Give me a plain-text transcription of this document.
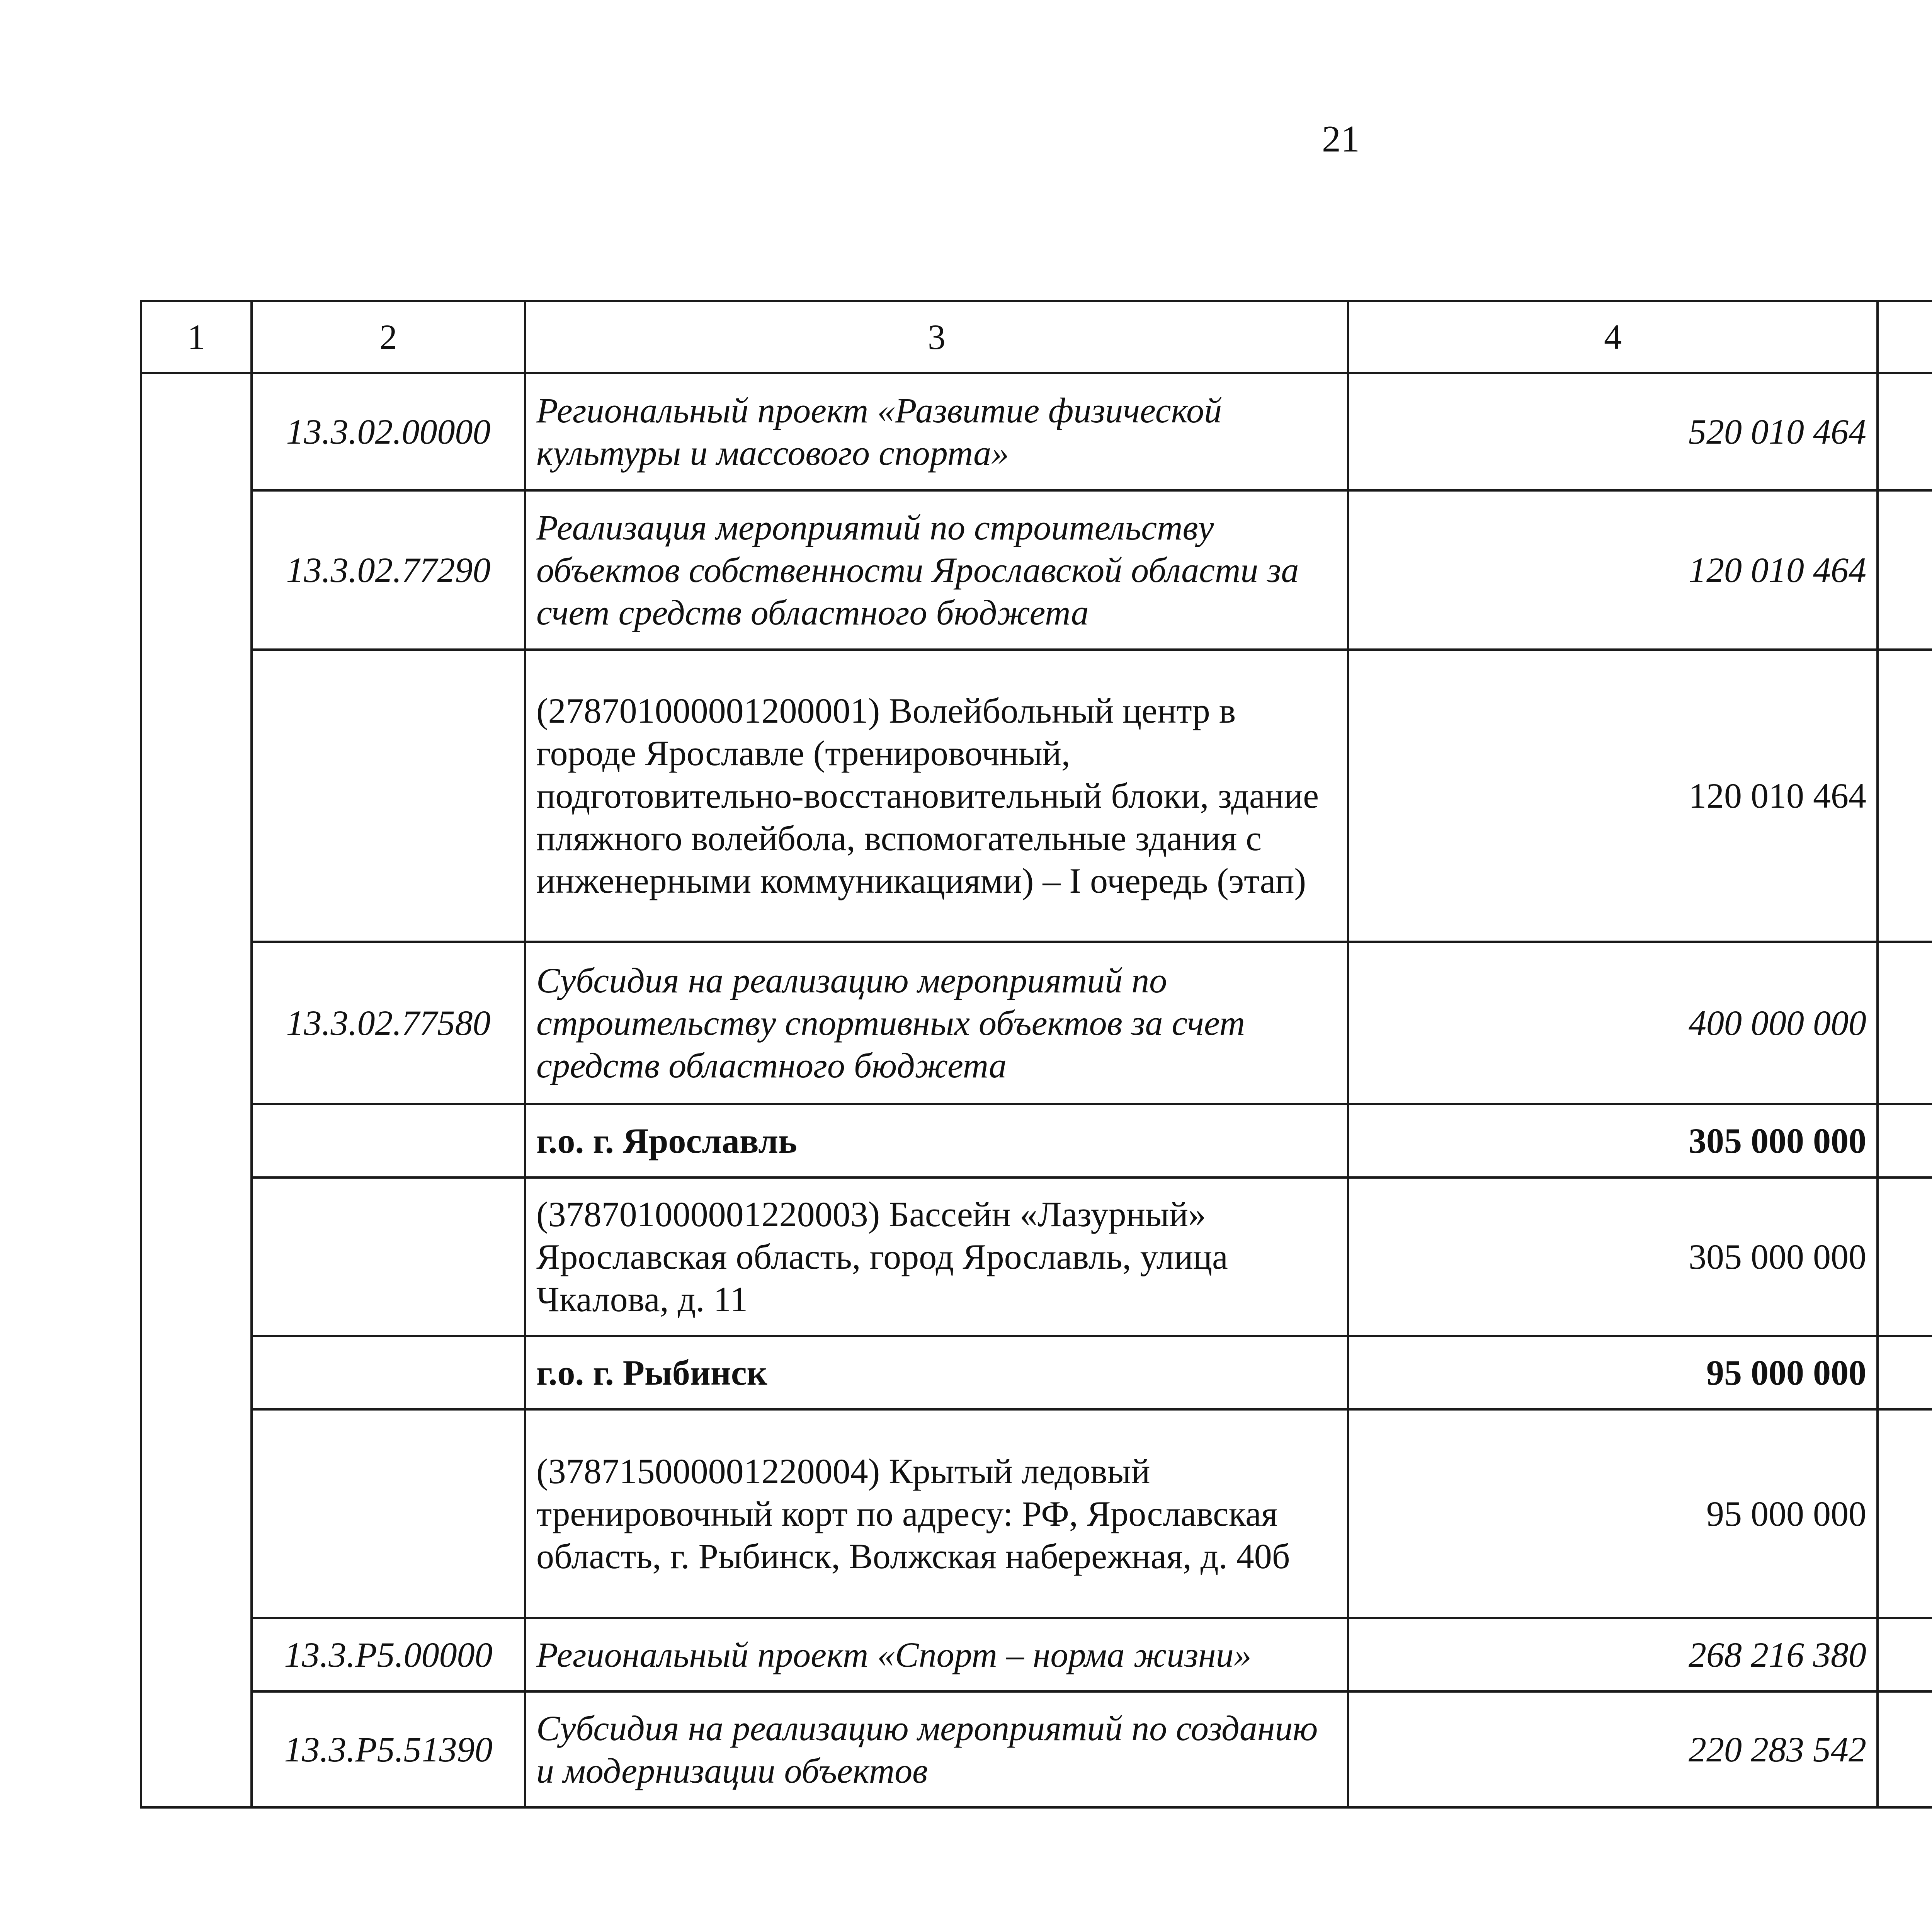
21
1	2	3	4			
	13.3.02.00000	Региональный проект «Развитие физической культуры и массового спорта»	520 010 464			
	13.3.02.77290	Реализация мероприятий по строительству объектов собственности Ярославской области за счет средств областного бюджета	120 010 464			
		(278701000001200001) Волейбольный центр в городе Ярославле (тренировочный, подготовительно-восстановительный блоки, здание пляжного волейбола, вспомогательные здания с инженерными коммуникациями) – I очередь (этап)	120 010 464			
	13.3.02.77580	Субсидия на реализацию мероприятий по строительству спортивных объектов за счет средств областного бюджета	400 000 000			
		г.о. г. Ярославль	305 000 000			
		(378701000001220003) Бассейн «Лазурный» Ярославская область, город Ярославль, улица Чкалова, д. 11	305 000 000			
		г.о. г. Рыбинск	95 000 000			
		(378715000001220004) Крытый ледовый тренировочный корт по адресу: РФ, Ярославская область, г. Рыбинск, Волжская набережная, д. 40б	95 000 000			
	13.3.P5.00000	Региональный проект «Спорт – норма жизни»	268 216 380			
	13.3.P5.51390	Субсидия на реализацию мероприятий по созданию и модернизации объектов	220 283 542			
